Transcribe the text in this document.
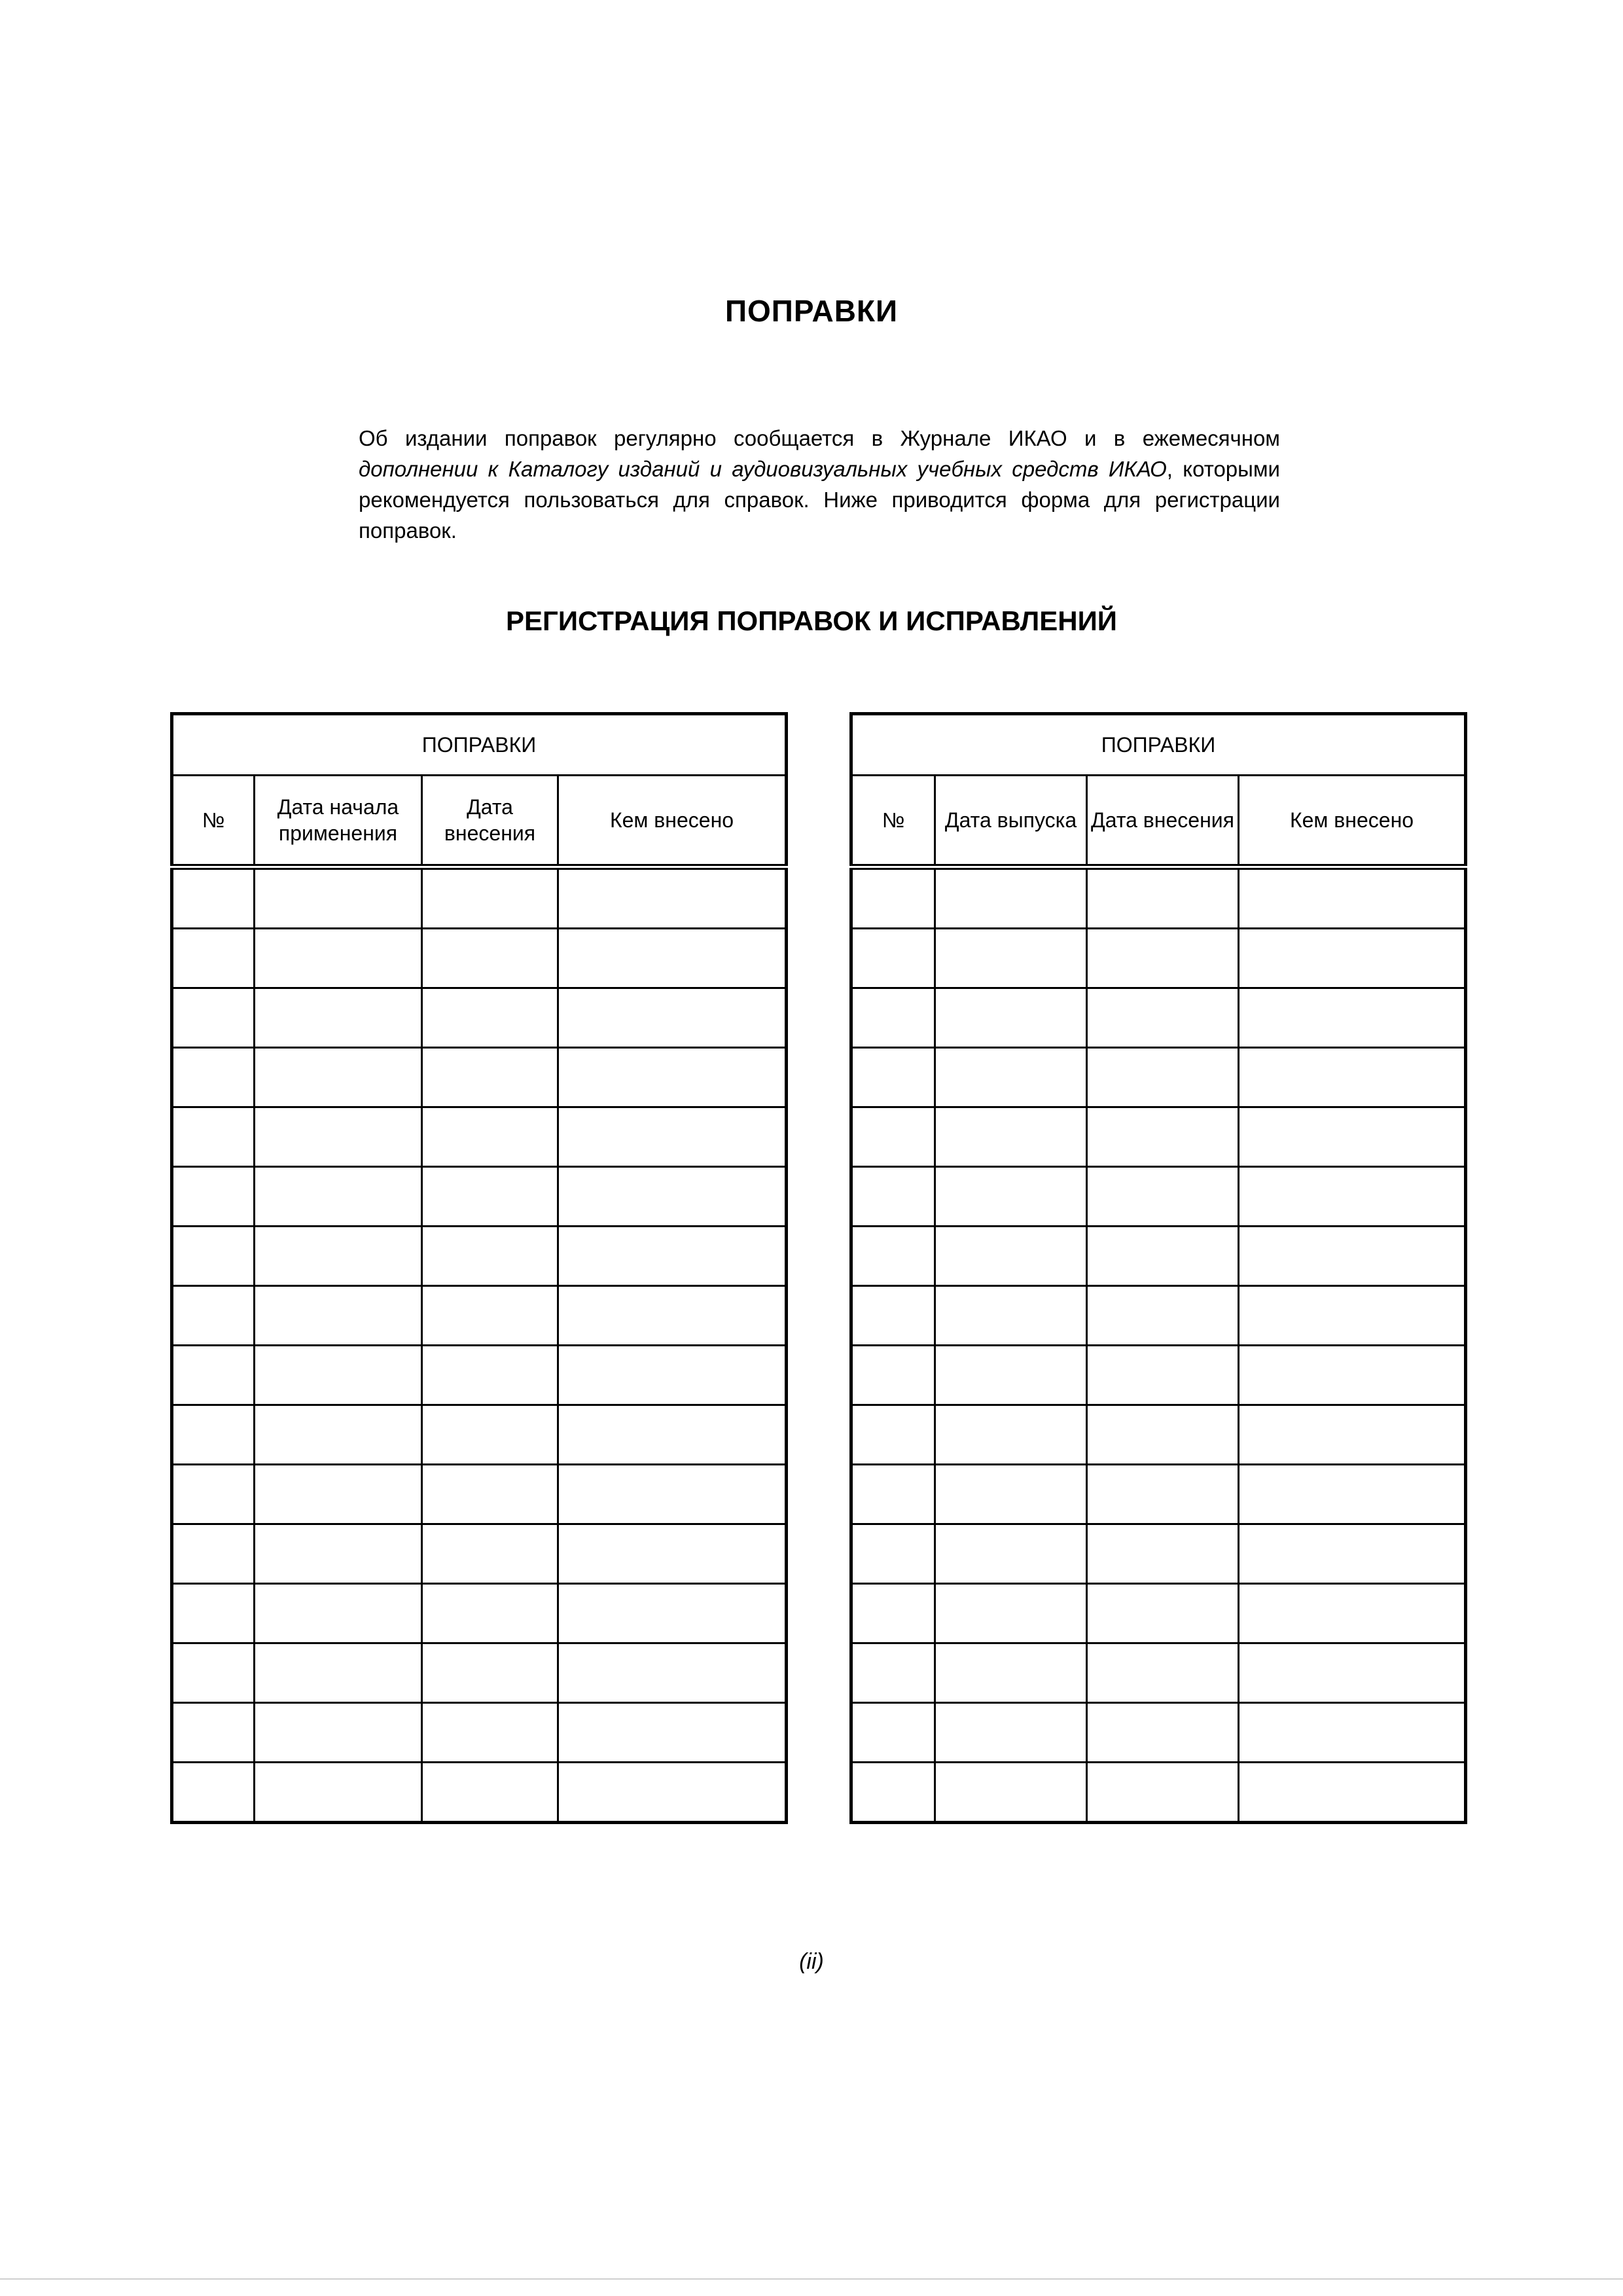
ПОПРАВКИ
Об издании поправок регулярно сообщается в Журнале ИКАО и в ежемесячном дополнении к Каталогу изданий и аудиовизуальных учебных средств ИКАО, которыми рекомендуется пользоваться для справок. Ниже приводится форма для регистрации поправок.
РЕГИСТРАЦИЯ ПОПРАВОК И ИСПРАВЛЕНИЙ
ПОПРАВКИ			
№	Дата начала применения	Дата внесения	Кем внесено

ПОПРАВКИ			
№	Дата выпуска	Дата внесения	Кем внесено

(ii)
